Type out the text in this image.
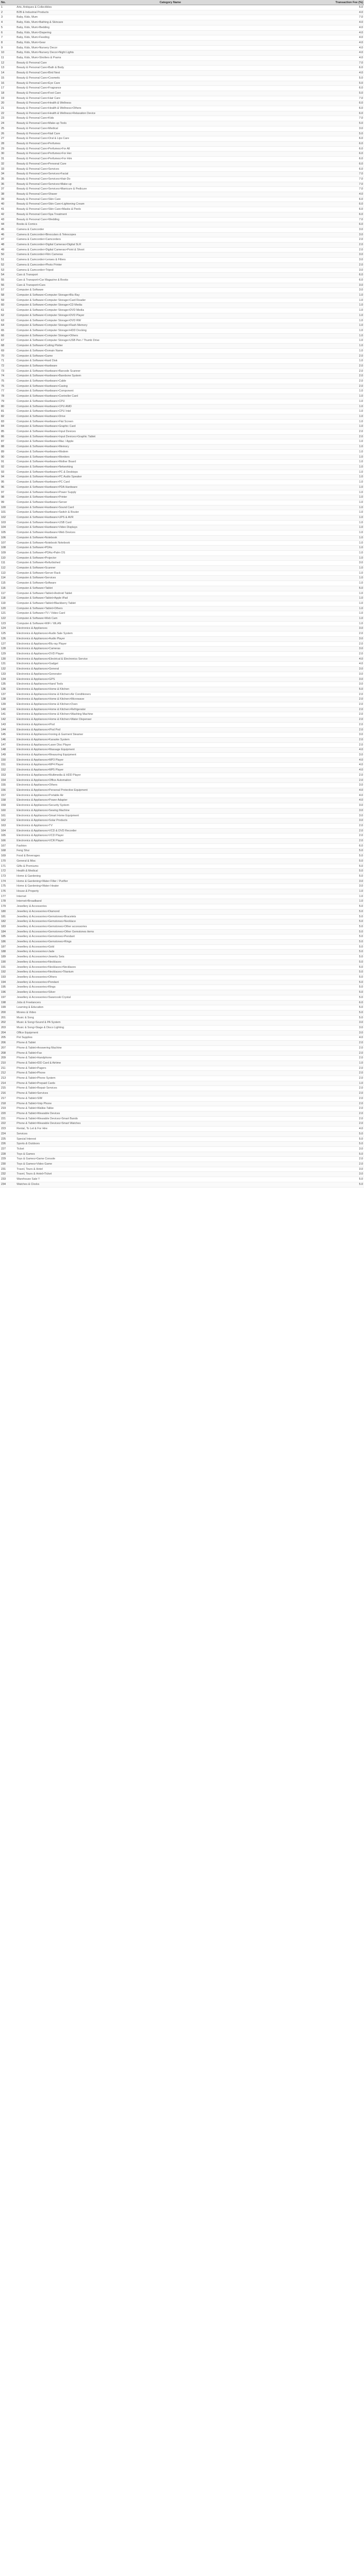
No.	Category Name	Transaction Fee (%)
1	Arts, Antiques & Collectibles	5.0
2	B2B & Industrial Products	4.0
3	Baby, Kids, Mum	7.0
4	Baby, Kids, Mum>Bathing & Skincare	4.0
5	Baby, Kids, Mum>Bedding	4.0
6	Baby, Kids, Mum>Diapering	4.0
7	Baby, Kids, Mum>Feeding	4.0
8	Baby, Kids, Mum>Gear	4.0
9	Baby, Kids, Mum>Nursery Decor	4.0
10	Baby, Kids, Mum>Nursery Decor>Night Lights	4.0
11	Baby, Kids, Mum>Strollers & Prams	4.0
12	Beauty & Personal Care	7.0
13	Beauty & Personal Care>Bath & Body	6.0
14	Beauty & Personal Care>Bird Nest	4.0
15	Beauty & Personal Care>Cosmetic	5.0
16	Beauty & Personal Care>Eye Care	5.0
17	Beauty & Personal Care>Fragrance	6.0
18	Beauty & Personal Care>Foot Care	5.0
19	Beauty & Personal Care>Hair Care	7.0
20	Beauty & Personal Care>Health & Wellness	6.0
21	Beauty & Personal Care>Health & Wellness>Others	6.0
22	Beauty & Personal Care>Health & Wellness>Relaxation Device	6.0
23	Beauty & Personal Care>Kids	7.0
24	Beauty & Personal Care>Make-up Tools	5.0
25	Beauty & Personal Care>Medical	3.0
26	Beauty & Personal Care>Nail Care	5.0
27	Beauty & Personal Care>Oral & Lips Care	6.0
28	Beauty & Personal Care>Perfumes	6.0
29	Beauty & Personal Care>Perfumes>For All	6.0
30	Beauty & Personal Care>Perfumes>For Her	6.0
31	Beauty & Personal Care>Perfumes>For Him	6.0
32	Beauty & Personal Care>Personal Care	6.0
33	Beauty & Personal Care>Services	6.0
34	Beauty & Personal Care>Services>Facial	7.0
35	Beauty & Personal Care>Services>Hair-Do	7.0
36	Beauty & Personal Care>Services>Make-up	7.0
37	Beauty & Personal Care>Services>Manicure & Pedicure	7.0
38	Beauty & Personal Care>Shaver	4.0
39	Beauty & Personal Care>Skin Care	6.0
40	Beauty & Personal Care>Skin Care>Lightening Cream	6.0
41	Beauty & Personal Care>Skin Care>Masks & Peels	6.0
42	Beauty & Personal Care>Spa Treatment	6.0
43	Beauty & Personal Care>Wedding	7.0
44	Books & Comics	6.0
45	Camera & Camcorder	3.0
46	Camera & Camcorder>Binoculars & Telescopes	3.0
47	Camera & Camcorder>Camcorders	2.0
48	Camera & Camcorder>Digital Cameras>Digital SLR	2.0
49	Camera & Camcorder>Digital Cameras>Point & Shoot	2.0
50	Camera & Camcorder>Film Cameras	3.0
51	Camera & Camcorder>Lenses & Filters	3.0
52	Camera & Camcorder>Photo Printer	2.0
53	Camera & Camcorder>Tripod	3.0
54	Cars & Transport	6.0
55	Cars & Transport>Car Magazine & Books	6.0
56	Cars & Transport>Cars	3.0
57	Computer & Software	3.0
58	Computer & Software>Computer Storage>Blu-Ray	1.0
59	Computer & Software>Computer Storage>Card Reader	1.0
60	Computer & Software>Computer Storage>CD Media	1.0
61	Computer & Software>Computer Storage>DVD Media	1.0
62	Computer & Software>Computer Storage>DVD Player	1.0
63	Computer & Software>Computer Storage>DVD RW	1.0
64	Computer & Software>Computer Storage>Flash Memory	1.0
65	Computer & Software>Computer Storage>HDD Docking	1.0
66	Computer & Software>Computer Storage>Others	1.0
67	Computer & Software>Computer Storage>USB Pen / Thumb Drive	1.0
68	Computer & Software>Cutting Plotter	1.0
69	Computer & Software>Domain Name	1.0
70	Computer & Software>Game	2.0
71	Computer & Software>Hard Disk	1.0
72	Computer & Software>Hardware	2.0
73	Computer & Software>Hardware>Barcode Scanner	2.0
74	Computer & Software>Hardware>Barebone System	2.0
75	Computer & Software>Hardware>Cable	2.0
76	Computer & Software>Hardware>Casing	2.0
77	Computer & Software>Hardware>Component	1.0
78	Computer & Software>Hardware>Controller Card	1.0
79	Computer & Software>Hardware>CPU	1.0
80	Computer & Software>Hardware>CPU AMD	1.0
81	Computer & Software>Hardware>CPU Intel	1.0
82	Computer & Software>Hardware>Drive	1.0
83	Computer & Software>Hardware>Flat Screen	1.0
84	Computer & Software>Hardware>Graphic Card	1.0
85	Computer & Software>Hardware>Input Devices	2.0
86	Computer & Software>Hardware>Input Devices>Graphic Tablet	2.0
87	Computer & Software>Hardware>Mac / Apple	1.0
88	Computer & Software>Hardware>Memory	1.0
89	Computer & Software>Hardware>Modem	1.0
90	Computer & Software>Hardware>Monitors	1.0
91	Computer & Software>Hardware>Mother Board	1.0
92	Computer & Software>Hardware>Networking	1.0
93	Computer & Software>Hardware>PC & Desktops	1.0
94	Computer & Software>Hardware>PC Audio Speaker	1.0
95	Computer & Software>Hardware>PC Card	1.0
96	Computer & Software>Hardware>PDA Hardware	1.0
97	Computer & Software>Hardware>Power Supply	1.0
98	Computer & Software>Hardware>Printer	1.0
99	Computer & Software>Hardware>Server	1.0
100	Computer & Software>Hardware>Sound Card	1.0
101	Computer & Software>Hardware>Switch & Router	1.0
102	Computer & Software>Hardware>UPS & AVR	1.0
103	Computer & Software>Hardware>USB Card	1.0
104	Computer & Software>Hardware>Video Displays	1.0
105	Computer & Software>Hardware>Web Devices	1.0
106	Computer & Software>Notebook	1.0
107	Computer & Software>Notebook Notebook	1.0
108	Computer & Software>PDAs	1.0
109	Computer & Software>PDAs>Palm OS	1.0
110	Computer & Software>Projector	1.0
111	Computer & Software>Refurbished	3.0
112	Computer & Software>Scanner	1.0
113	Computer & Software>Server Rack	1.0
114	Computer & Software>Services	1.0
115	Computer & Software>Software	1.0
116	Computer & Software>Tablet	5.0
117	Computer & Software>Tablet>Android Tablet	1.0
118	Computer & Software>Tablet>Apple iPad	1.0
119	Computer & Software>Tablet>Blackberry Tablet	1.0
120	Computer & Software>Tablet>Others	1.0
121	Computer & Software>TV / Video Card	1.0
122	Computer & Software>Web Cam	1.0
123	Computer & Software>WiFi / WLAN	1.0
124	Electronics & Appliances	3.0
125	Electronics & Appliances>Audio Sale System	2.0
126	Electronics & Appliances>Audio Player	3.0
127	Electronics & Appliances>Blu-ray Player	2.0
128	Electronics & Appliances>Cameras	3.0
129	Electronics & Appliances>DVD Player	2.0
130	Electronics & Appliances>Electrical & Electronics Service	4.0
131	Electronics & Appliances>Gadget	4.0
132	Electronics & Appliances>General	3.0
133	Electronics & Appliances>Generator	3.0
134	Electronics & Appliances>GPS	3.0
135	Electronics & Appliances>Hand Tools	3.0
136	Electronics & Appliances>Home & Kitchen	5.0
137	Electronics & Appliances>Home & Kitchen>Air Conditioners	2.0
138	Electronics & Appliances>Home & Kitchen>Microwave	2.0
139	Electronics & Appliances>Home & Kitchen>Oven	2.0
140	Electronics & Appliances>Home & Kitchen>Refrigerator	2.0
141	Electronics & Appliances>Home & Kitchen>Washing Machine	2.0
142	Electronics & Appliances>Home & Kitchen>Water Dispenser	2.0
143	Electronics & Appliances>iPod	2.0
144	Electronics & Appliances>iPod Pod	2.0
145	Electronics & Appliances>Ironing & Garment Steamer	3.0
146	Electronics & Appliances>Karaoke System	2.0
147	Electronics & Appliances>Laser Disc Player	2.0
148	Electronics & Appliances>Massage Equipment	4.0
149	Electronics & Appliances>Measuring Equipment	3.0
150	Electronics & Appliances>MP3 Player	4.0
151	Electronics & Appliances>MP4 Player	4.0
152	Electronics & Appliances>MP5 Player	4.0
153	Electronics & Appliances>Multimedia & HDD Player	2.0
154	Electronics & Appliances>Office Automation	2.0
155	Electronics & Appliances>Others	3.0
156	Electronics & Appliances>Personal Protective Equipment	4.0
157	Electronics & Appliances>Portable Air	4.0
158	Electronics & Appliances>Power Adapter	4.0
159	Electronics & Appliances>Security System	3.0
160	Electronics & Appliances>Sewing Machine	3.0
161	Electronics & Appliances>Smart Home Equipment	3.0
162	Electronics & Appliances>Solar Products	3.0
163	Electronics & Appliances>TV	2.0
164	Electronics & Appliances>VCD & DVD Recorder	2.0
165	Electronics & Appliances>VCD Player	2.0
166	Electronics & Appliances>VCR Player	2.0
167	Fashion	6.0
168	Feng Shui	5.0
169	Food & Beverages	5.0
170	General & Misc	5.0
171	Gifts & Premiums	5.0
172	Health & Medical	5.0
173	Home & Gardening	5.0
174	Home & Gardening>Water Filter / Purifier	3.0
175	Home & Gardening>Water Heater	3.0
176	House & Property	1.0
177	Internet	1.0
178	Internet>Broadband	1.0
179	Jewellery & Accessories	5.0
180	Jewellery & Accessories>Diamond	5.0
181	Jewellery & Accessories>Gemstones>Bracelets	5.0
182	Jewellery & Accessories>Gemstones>Necklace	5.0
183	Jewellery & Accessories>Gemstones>Other accessories	5.0
184	Jewellery & Accessories>Gemstones>Other Gemstones items	5.0
185	Jewellery & Accessories>Gemstones>Pendant	5.0
186	Jewellery & Accessories>Gemstones>Rings	5.0
187	Jewellery & Accessories>Gold	5.0
188	Jewellery & Accessories>Jade	5.0
189	Jewellery & Accessories>Jewelry Sets	5.0
190	Jewellery & Accessories>Necklaces	5.0
191	Jewellery & Accessories>Necklaces>Necklaces	5.0
192	Jewellery & Accessories>Necklaces>Titanium	5.0
193	Jewellery & Accessories>Others	5.0
194	Jewellery & Accessories>Pendant	5.0
195	Jewellery & Accessories>Rings	5.0
196	Jewellery & Accessories>Silver	5.0
197	Jewellery & Accessories>Swarovski Crystal	5.0
198	Jobs & Freelancers	6.0
199	Learning & Education	5.0
200	Movies & Video	5.0
201	Music & Song	5.0
202	Music & Song>Sound & PA System	3.0
203	Music & Song>Stage & Disco Lighting	3.0
204	Office Equipment	3.0
205	Pet Supplies	4.0
206	Phone & Tablet	2.0
207	Phone & Tablet>Answering Machine	2.0
208	Phone & Tablet>Fax	2.0
209	Phone & Tablet>Handphone	2.0
210	Phone & Tablet>IDD Card & Airtime	1.0
211	Phone & Tablet>Pagers	2.0
212	Phone & Tablet>Phone	2.0
213	Phone & Tablet>Phone System	2.0
214	Phone & Tablet>Prepaid Cards	1.0
215	Phone & Tablet>Repair Services	2.0
216	Phone & Tablet>Services	2.0
217	Phone & Tablet>SIM	2.0
218	Phone & Tablet>Voip Phone	2.0
219	Phone & Tablet>Walkie-Talkie	2.0
220	Phone & Tablet>Wearable Devices	2.0
221	Phone & Tablet>Wearable Devices>Smart Bands	2.0
222	Phone & Tablet>Wearable Devices>Smart Watches	2.0
223	Rental, To Let & For Hire	4.0
224	Services	5.0
225	Special Interest	5.0
226	Sports & Outdoors	5.0
227	Ticket	3.0
228	Toys & Games	5.0
229	Toys & Games>Game Console	2.0
230	Toys & Games>Video Game	2.0
231	Travel, Tours & Hotel	3.0
232	Travel, Tours & Hotel>Ticket	3.0
233	Warehouse Sale !!	5.0
234	Watches & Clocks	5.0
